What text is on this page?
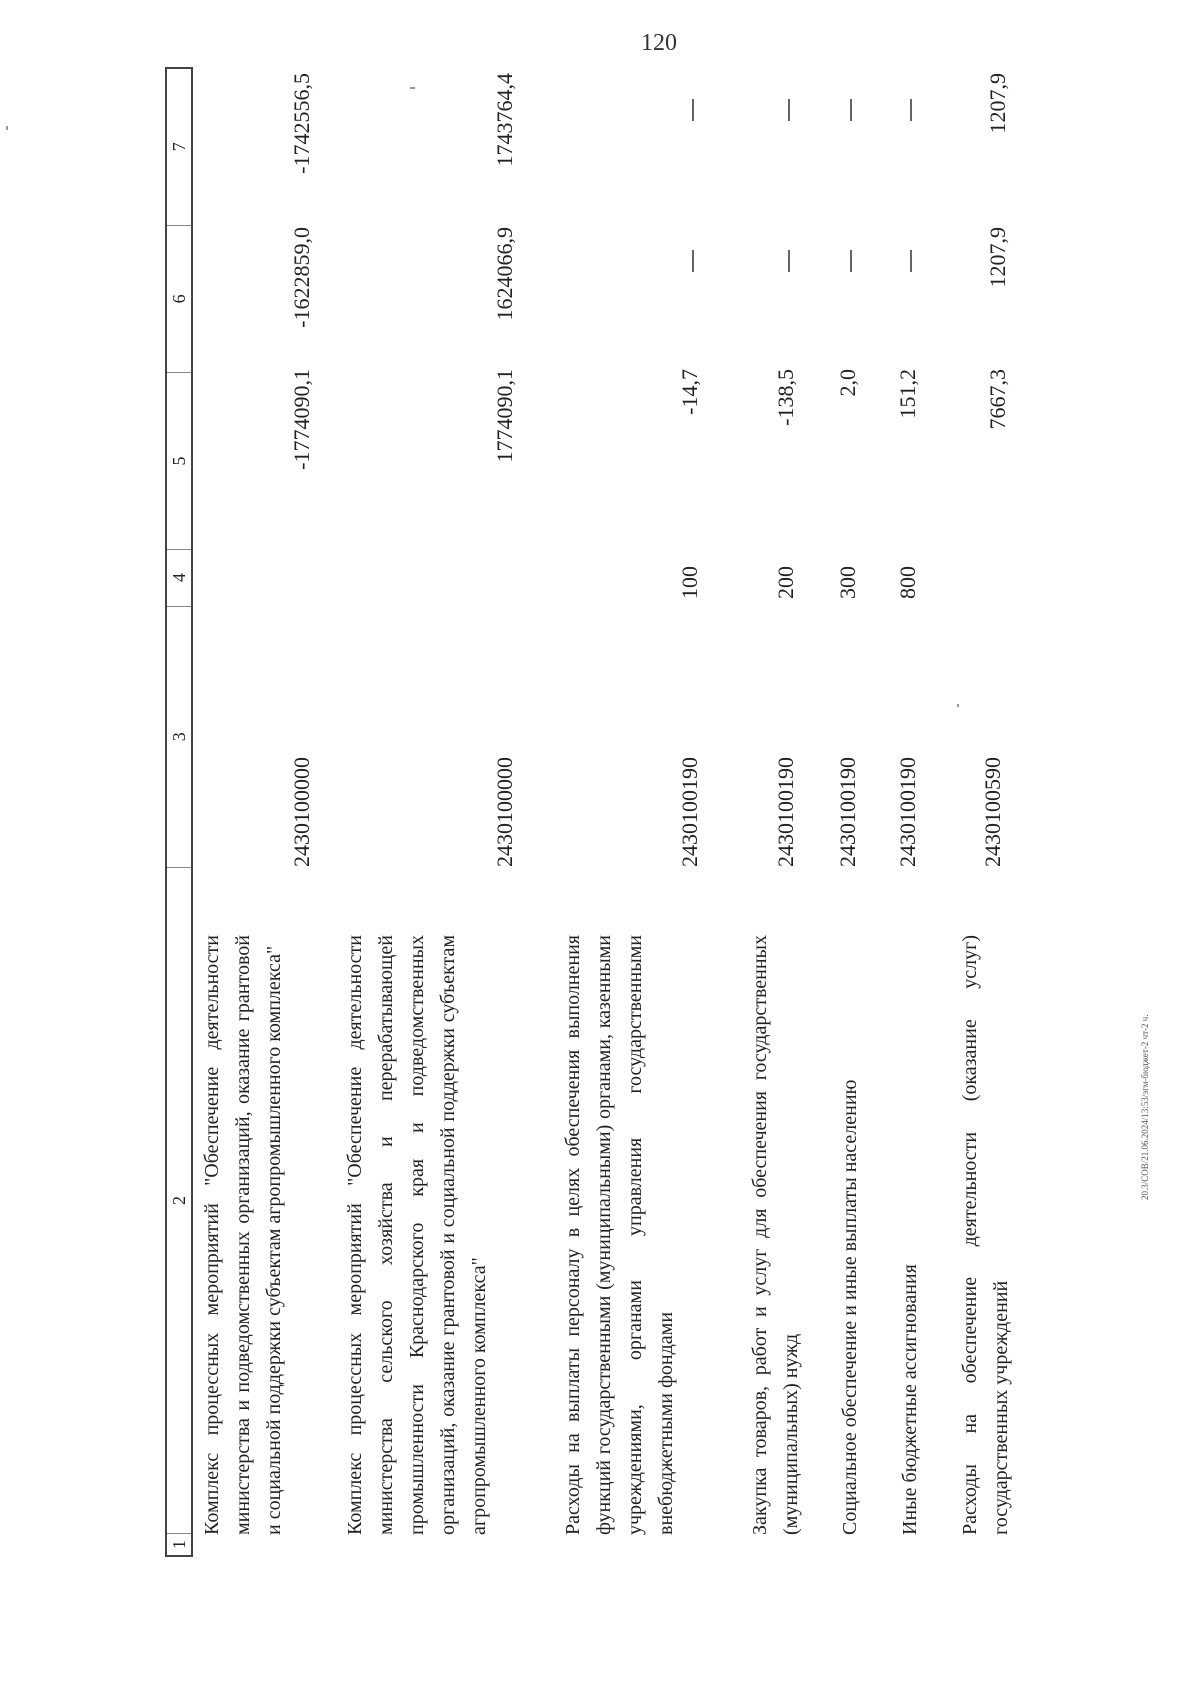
120
1
2
3
4
5
6
7
Комплекс процессных мероприятий "Обеспечение деятельности министерства и подведомственных организаций, оказание грантовой и социальной поддержки субъектам агропромышленного комплекса"
2430100000
-1774090,1
-1622859,0
-1742556,5
Комплекс процессных мероприятий "Обеспечение деятельности министерства сельского хозяйства и перерабатывающей промышленности Краснодарского края и подведомственных организаций, оказание грантовой и социальной поддержки субъектам агропромышленного комплекса"
2430100000
1774090,1
1624066,9
1743764,4
Расходы на выплаты персоналу в целях обеспечения выполнения функций государственными (муниципальными) органами, казенными учреждениями, органами управления государственными внебюджетными фондами
2430100190
100
-14,7
Закупка товаров, работ и услуг для обеспечения государственных (муниципальных) нужд
2430100190
200
-138,5
Социальное обеспечение и иные выплаты населению
2430100190
300
2,0
Иные бюджетные ассигнования
2430100190
800
151,2
Расходы на обеспечение деятельности (оказание услуг) государственных учреждений
2430100590
7667,3
1207,9
1207,9
20.3/СОВ/21.06.2024/13:53/эгм-бюджет-2 чт-2 ч.
